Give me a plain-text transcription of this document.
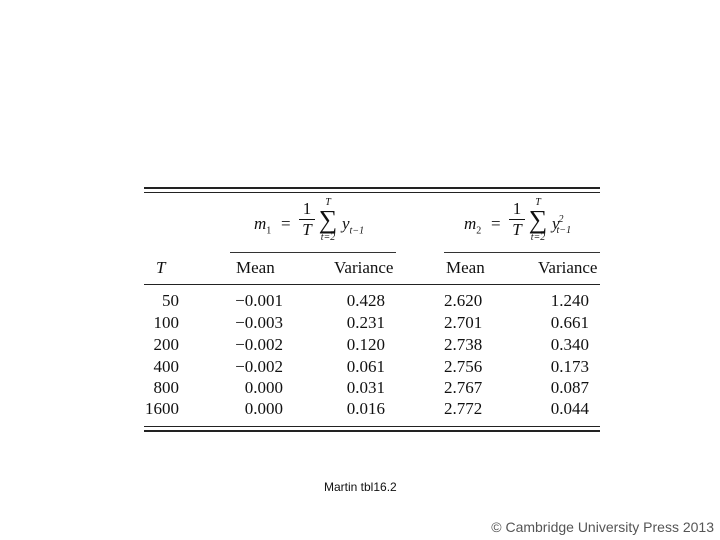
$m_1$ =
1
T
T
∑
t=2
$y_{t-1}$	$m_2$ =
1
T
T
∑
t=2
$y^2_{t-1}$
T	Mean	Variance	Mean	Variance
50	−0.001	0.428	2.620	1.240
100	−0.003	0.231	2.701	0.661
200	−0.002	0.120	2.738	0.340
400	−0.002	0.061	2.756	0.173
800	0.000	0.031	2.767	0.087
1600	0.000	0.016	2.772	0.044
Martin tbl16.2
© Cambridge University Press 2013
